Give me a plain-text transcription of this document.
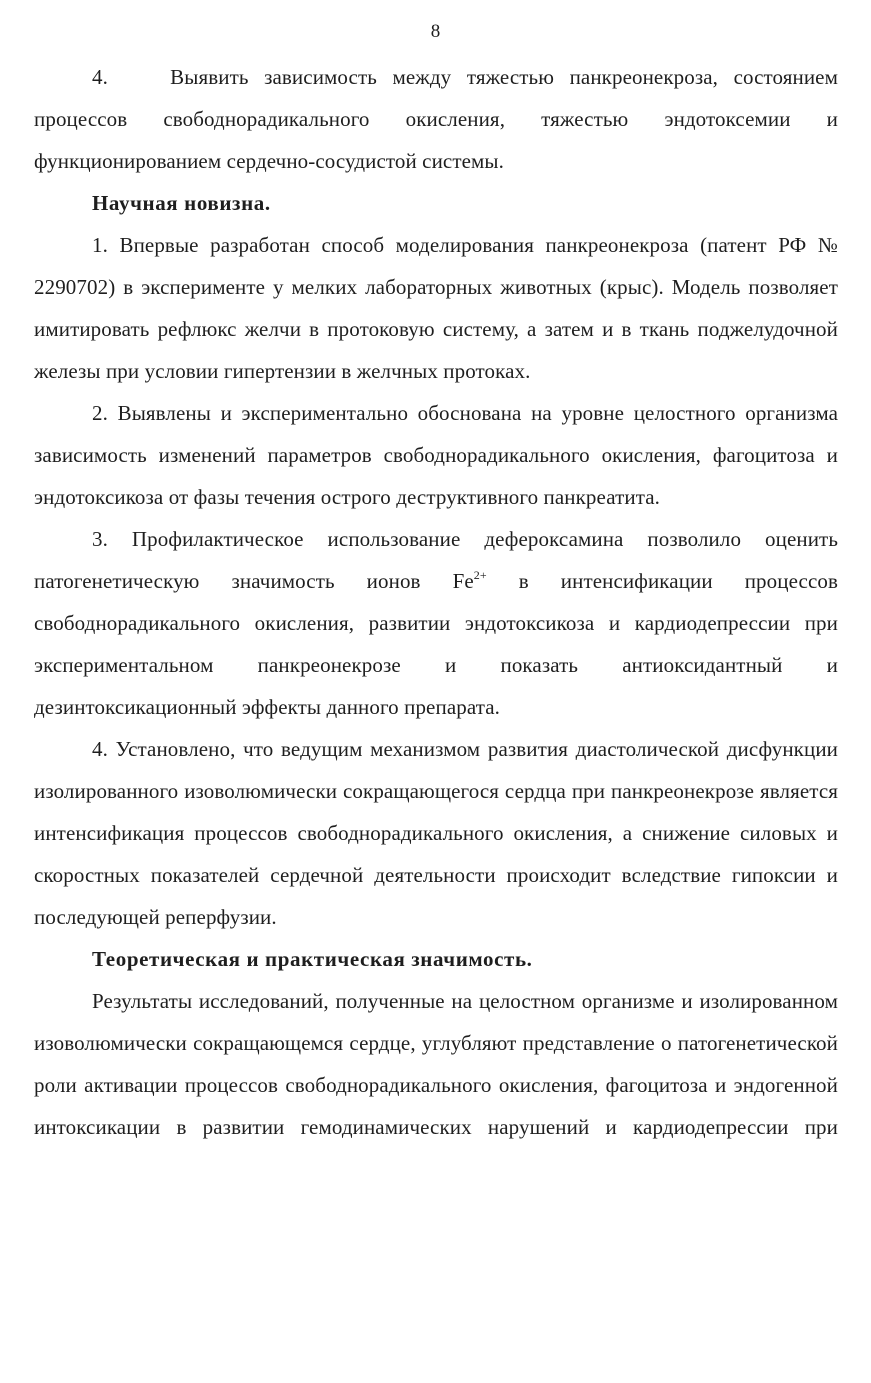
8

4.    Выявить зависимость между тяжестью панкреонекроза, состоянием процессов свободнорадикального окисления, тяжестью эндотоксемии и функционированием сердечно-сосудистой системы.

Научная новизна.

1. Впервые разработан способ моделирования панкреонекроза (патент РФ № 2290702) в эксперименте у мелких лабораторных животных (крыс). Модель позволяет имитировать рефлюкс желчи в протоковую систему, а затем и в ткань поджелудочной железы при условии гипертензии в желчных протоках.

2. Выявлены и экспериментально обоснована на уровне целостного организма зависимость изменений параметров свободнорадикального окисления, фагоцитоза и эндотоксикоза от фазы течения острого деструктивного панкреатита.

3. Профилактическое использование дефероксамина позволило оценить патогенетическую значимость ионов $Fe^{2+}$ в интенсификации процессов свободнорадикального окисления, развитии эндотоксикоза и кардиодепрессии при экспериментальном панкреонекрозе и показать антиоксидантный и дезинтоксикационный эффекты данного препарата.

4. Установлено, что ведущим механизмом развития диастолической дисфункции изолированного изоволюмически сокращающегося сердца при панкреонекрозе является интенсификация процессов свободнорадикального окисления, а снижение силовых и скоростных показателей сердечной деятельности происходит вследствие гипоксии и последующей реперфузии.

Теоретическая и практическая значимость.

Результаты исследований, полученные на целостном организме и изолированном изоволюмически сокращающемся сердце, углубляют представление о патогенетической роли активации процессов свободнорадикального окисления, фагоцитоза и эндогенной интоксикации в развитии гемодинамических нарушений и кардиодепрессии при
